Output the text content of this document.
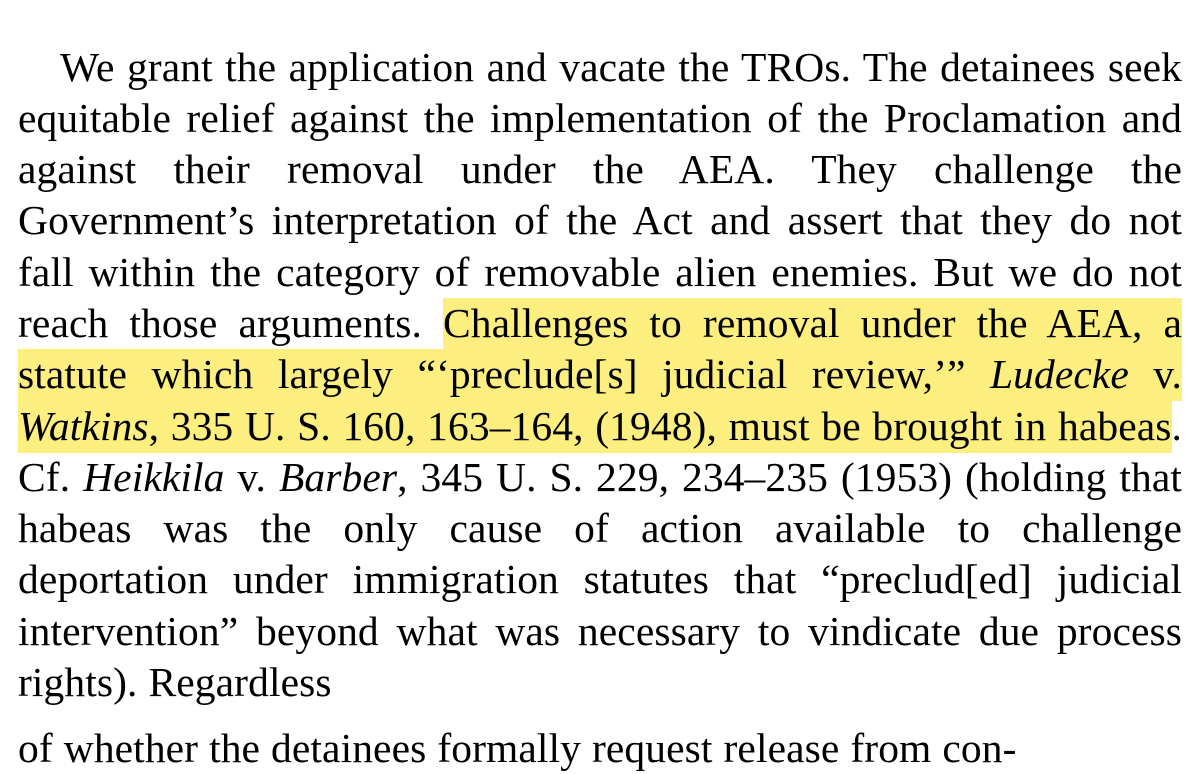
We grant the application and vacate the TROs. The detainees seek equitable relief against the implementation of the Proclamation and against their removal under the AEA. They challenge the Government’s interpretation of the Act and assert that they do not fall within the category of removable alien enemies. But we do not reach those arguments. Challenges to removal under the AEA, a statute which largely “‘preclude[s] judicial review,’” Ludecke v. Watkins, 335 U. S. 160, 163–164, (1948), must be brought in habeas. Cf. Heikkila v. Barber, 345 U. S. 229, 234–235 (1953) (holding that habeas was the only cause of action available to challenge deportation under immigration statutes that “preclud[ed] judicial intervention” beyond what was necessary to vindicate due process rights). Regardless

of whether the detainees formally request release from con-
